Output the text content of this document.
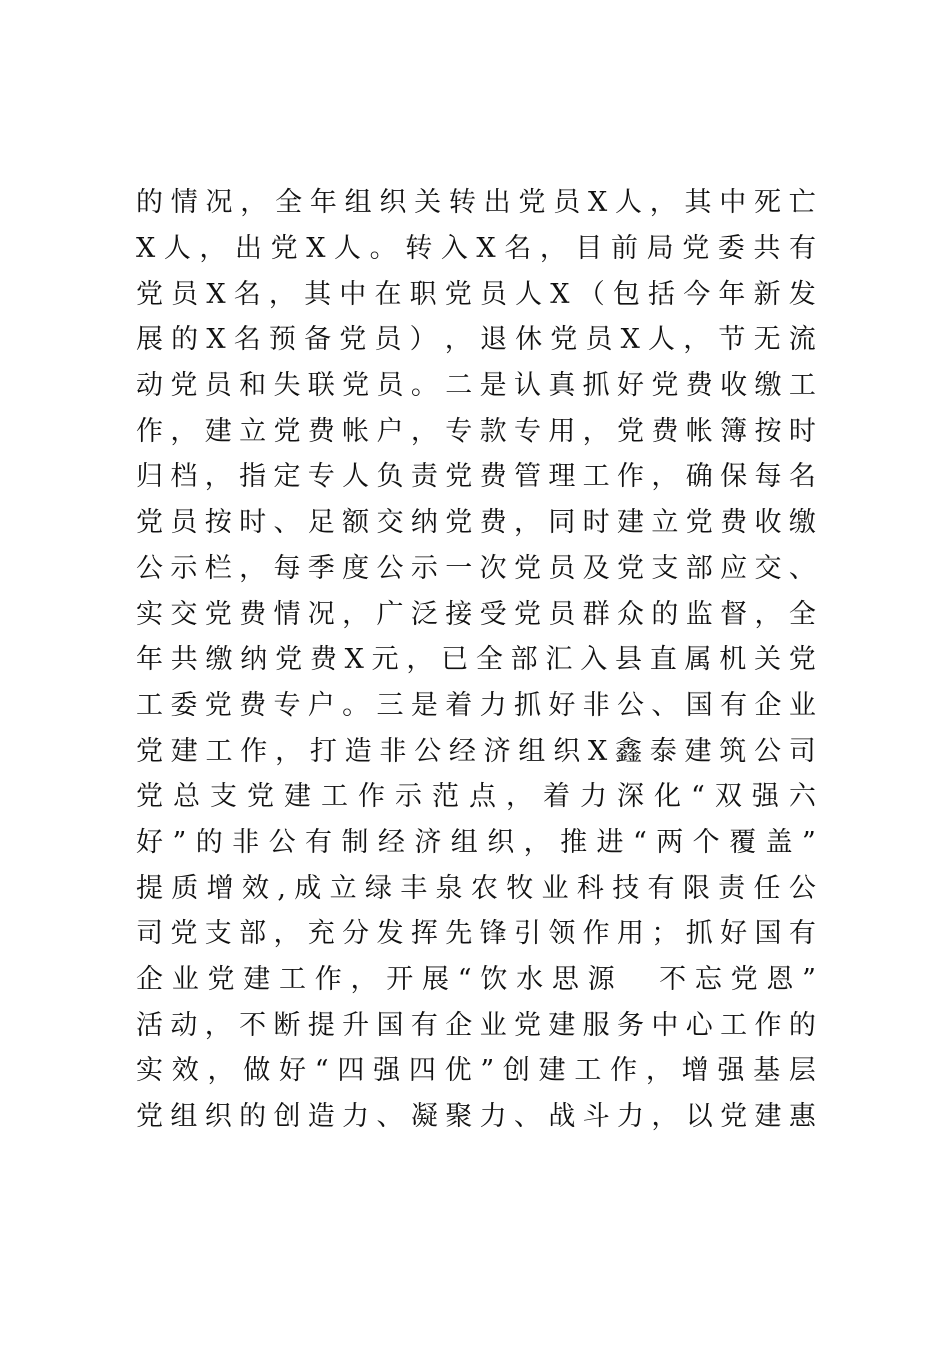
的 情 况 ， 全 年 组 织 关 转 出 党 员 X 人 ， 其 中 死 亡
X 人 ， 出 党 X 人 。 转 入 X 名 ， 目 前 局 党 委 共 有
党 员 X 名 ， 其 中 在 职 党 员 人 X （ 包 括 今 年 新 发
展 的 X 名 预 备 党 员 ） ， 退 休 党 员 X 人 ， 节 无 流
动 党 员 和 失 联 党 员 。 二 是 认 真 抓 好 党 费 收 缴 工
作 ， 建 立 党 费 帐 户 ， 专 款 专 用 ， 党 费 帐 簿 按 时
归 档 ， 指 定 专 人 负 责 党 费 管 理 工 作 ， 确 保 每 名
党 员 按 时 、 足 额 交 纳 党 费 ， 同 时 建 立 党 费 收 缴
公 示 栏 ， 每 季 度 公 示 一 次 党 员 及 党 支 部 应 交 、
实 交 党 费 情 况 ， 广 泛 接 受 党 员 群 众 的 监 督 ， 全
年 共 缴 纳 党 费 X 元 ， 已 全 部 汇 入 县 直 属 机 关 党
工 委 党 费 专 户 。 三 是 着 力 抓 好 非 公 、 国 有 企 业
党 建 工 作 ， 打 造 非 公 经 济 组 织 X 鑫 泰 建 筑 公 司
党 总 支 党 建 工 作 示 范 点 ， 着 力 深 化 “ 双 强 六
好 ” 的 非 公 有 制 经 济 组 织 ， 推 进 “ 两 个 覆 盖 ”
提 质 增 效 , 成 立 绿 丰 泉 农 牧 业 科 技 有 限 责 任 公
司 党 支 部 ， 充 分 发 挥 先 锋 引 领 作 用 ； 抓 好 国 有
企 业 党 建 工 作 ， 开 展 “ 饮 水 思 源
　 不 忘 党 恩 ”
活 动 ， 不 断 提 升 国 有 企 业 党 建 服 务 中 心 工 作 的
实 效 ， 做 好 “ 四 强 四 优 ” 创 建 工 作 ， 增 强 基 层
党 组 织 的 创 造 力 、 凝 聚 力 、 战 斗 力 ， 以 党 建 惠
